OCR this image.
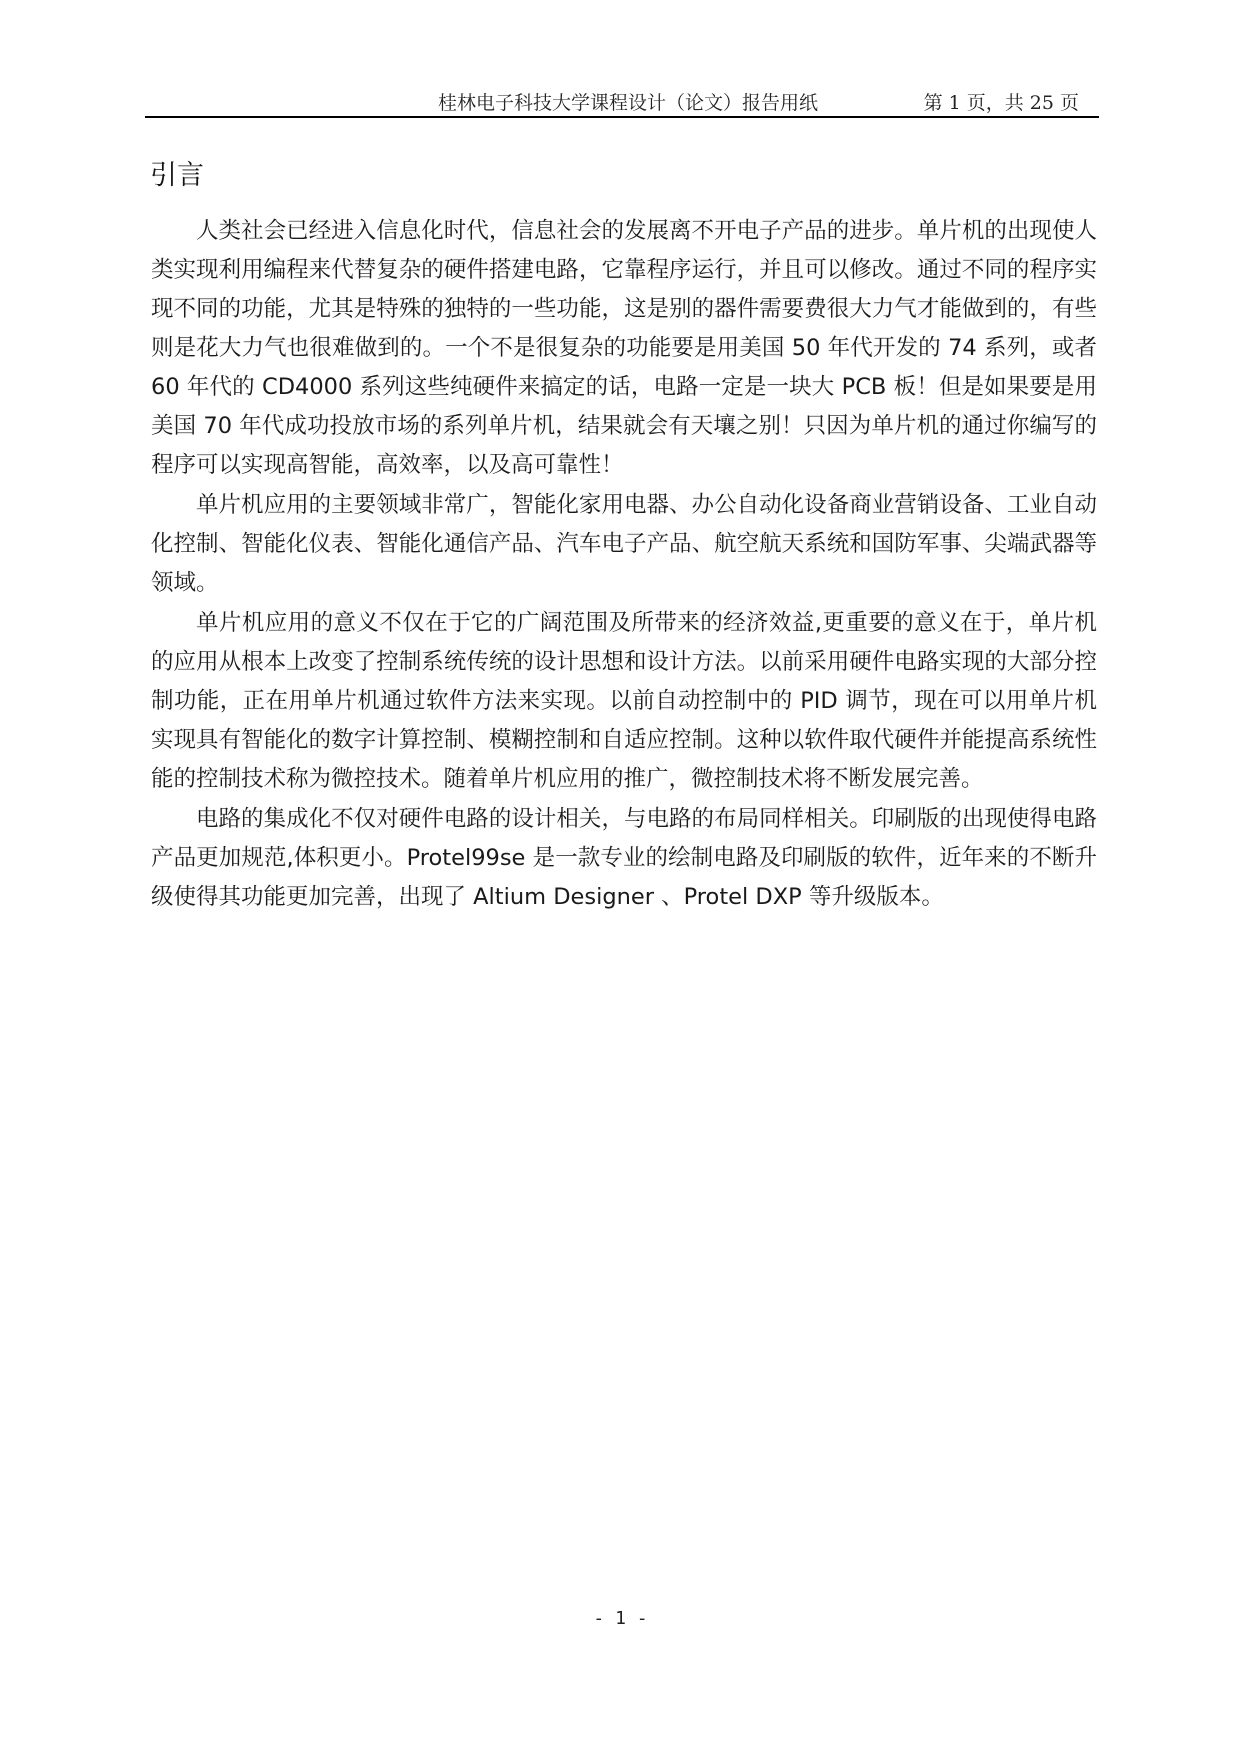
桂林电子科技大学课程设计（论文）报告用纸	第 1 页，共 25 页
引言

人类社会已经进入信息化时代，信息社会的发展离不开电子产品的进步。单片机的出现使人类实现利用编程来代替复杂的硬件搭建电路，它靠程序运行，并且可以修改。通过不同的程序实现不同的功能，尤其是特殊的独特的一些功能，这是别的器件需要费很大力气才能做到的，有些则是花大力气也很难做到的。一个不是很复杂的功能要是用美国 50 年代开发的 74 系列，或者 60 年代的 CD4000 系列这些纯硬件来搞定的话，电路一定是一块大 PCB 板！但是如果要是用美国 70 年代成功投放市场的系列单片机，结果就会有天壤之别！只因为单片机的通过你编写的程序可以实现高智能，高效率，以及高可靠性！

单片机应用的主要领域非常广，智能化家用电器、办公自动化设备商业营销设备、工业自动化控制、智能化仪表、智能化通信产品、汽车电子产品、航空航天系统和国防军事、尖端武器等领域。

单片机应用的意义不仅在于它的广阔范围及所带来的经济效益,更重要的意义在于，单片机的应用从根本上改变了控制系统传统的设计思想和设计方法。以前采用硬件电路实现的大部分控制功能，正在用单片机通过软件方法来实现。以前自动控制中的 PID 调节，现在可以用单片机实现具有智能化的数字计算控制、模糊控制和自适应控制。这种以软件取代硬件并能提高系统性能的控制技术称为微控技术。随着单片机应用的推广，微控制技术将不断发展完善。

电路的集成化不仅对硬件电路的设计相关，与电路的布局同样相关。印刷版的出现使得电路产品更加规范,体积更小。Protel99se 是一款专业的绘制电路及印刷版的软件，近年来的不断升级使得其功能更加完善，出现了 Altium Designer 、Protel DXP 等升级版本。

- 1 -
